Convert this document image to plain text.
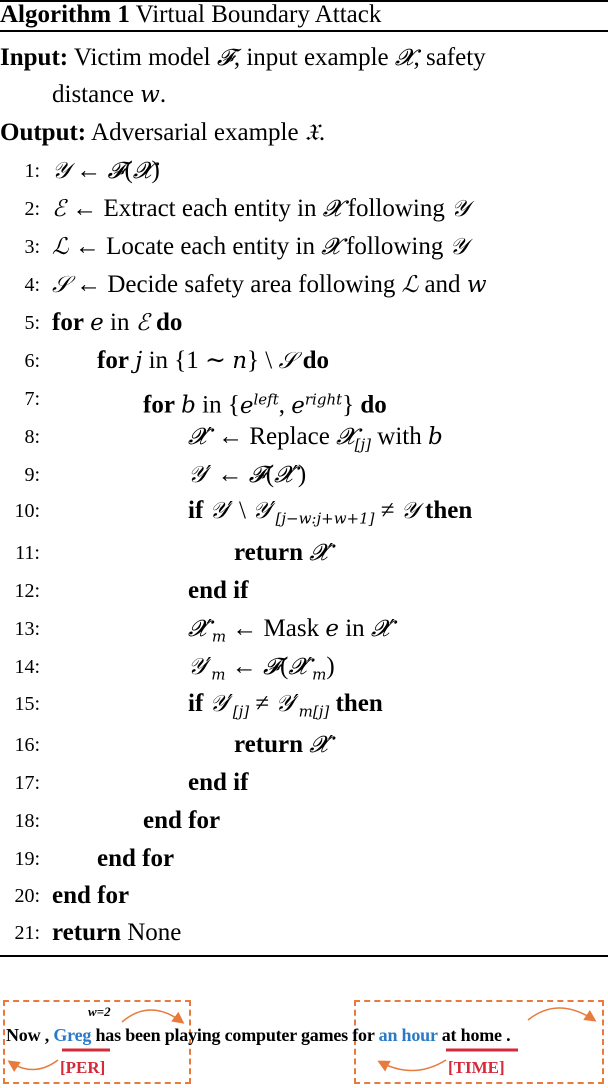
Algorithm 1 Virtual Boundary Attack
Input: Victim model 𝓕, input example 𝓧, safety
distance w.
Output: Adversarial example 𝔛.
1: 𝒴 ← 𝓕(𝓧)
2: ℰ ← Extract each entity in 𝓧 following 𝒴
3: ℒ ← Locate each entity in 𝓧 following 𝒴
4: 𝒮 ← Decide safety area following ℒ and w
5: for e in ℰ do
6: for j in {1 ∼ n} \ 𝒮 do
7:	for b in {$e^{left}$, $e^{right}$} do
8:	𝓧′ ← Replace 𝓧$_{[j]}$ with b
9:	𝒴′ ← 𝓕(𝓧′)
10:	if 𝒴′ \ $𝒴'_{[j-w:j+w+1]}$ ≠ 𝒴 then
11:	return 𝓧′
12:	end if
13:	$𝓧'_m$ ← Mask e in 𝓧′
14:	$𝒴'_m$ ← $𝓕(𝓧'_m)$
15:	if $𝒴'_{[j]}$ ≠ $𝒴'_{m[j]}$ then
16:	return 𝓧′
17:	end if
18:	end for
19: end for
20: end for
21: return None
w=2
Now , Greg has been playing computer games for an hour at home .
[PER]	[TIME]
